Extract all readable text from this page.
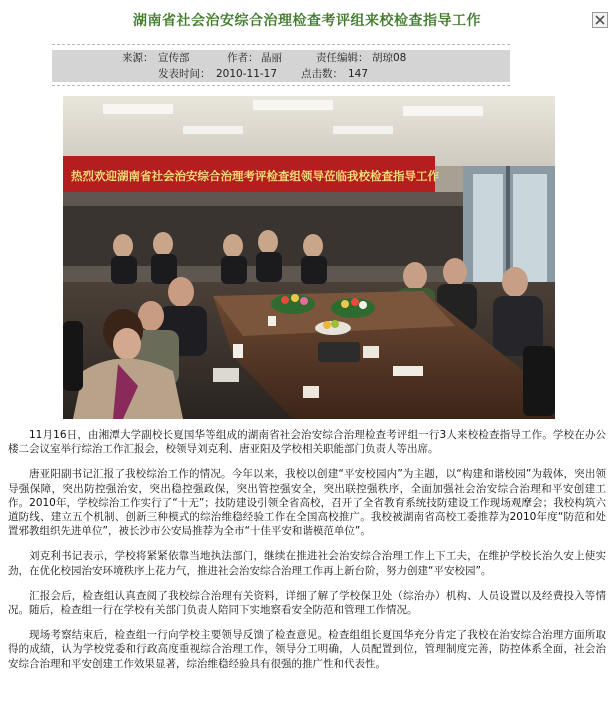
湖南省社会治安综合治理检查考评组来校检查指导工作
来源： 宣传部	作者： 晶丽	责任编辑： 胡琼08
发表时间： 2010-11-17 点击数： 147
热烈欢迎湖南省社会治安综合治理考评检查组领导莅临我校检查指导工作

11月16日，由湘潭大学副校长夏国华等组成的湖南省社会治安综合治理检查考评组一行3人来校检查指导工作。学校在办公楼二会议室举行综治工作汇报会，校领导刘克利、唐亚阳及学校相关职能部门负责人等出席。

唐亚阳副书记汇报了我校综治工作的情况。今年以来，我校以创建“平安校园内”为主题，以“构建和谐校园”为载体，突出领导强保障，突出防控强治安，突出稳控强政保，突出管控强安全，突出联控强秩序，全面加强社会治安综合治理和平安创建工作。2010年，学校综治工作实行了“十无”；技防建设引领全省高校，召开了全省教育系统技防建设工作现场观摩会；我校构筑六道防线、建立五个机制、创新三种模式的综治维稳经验工作在全国高校推广。我校被湖南省高校工委推荐为2010年度“防范和处置邪教组织先进单位”，被长沙市公安局推荐为全市“十佳平安和谐模范单位”。

刘克利书记表示，学校将紧紧依靠当地执法部门，继续在推进社会治安综合治理工作上下工夫，在维护学校长治久安上使实劲，在优化校园治安环境秩序上花力气，推进社会治安综合治理工作再上新台阶，努力创建“平安校园”。

汇报会后，检查组认真查阅了我校综合治理有关资料，详细了解了学校保卫处（综治办）机构、人员设置以及经费投入等情况。随后，检查组一行在学校有关部门负责人陪同下实地察看安全防范和管理工作情况。

现场考察结束后，检查组一行向学校主要领导反馈了检查意见。检查组组长夏国华充分肯定了我校在治安综合治理方面所取得的成绩，认为学校党委和行政高度重视综合治理工作，领导分工明确，人员配置到位，管理制度完善，防控体系全面，社会治安综合治理和平安创建工作效果显著，综治维稳经验具有很强的推广性和代表性。
